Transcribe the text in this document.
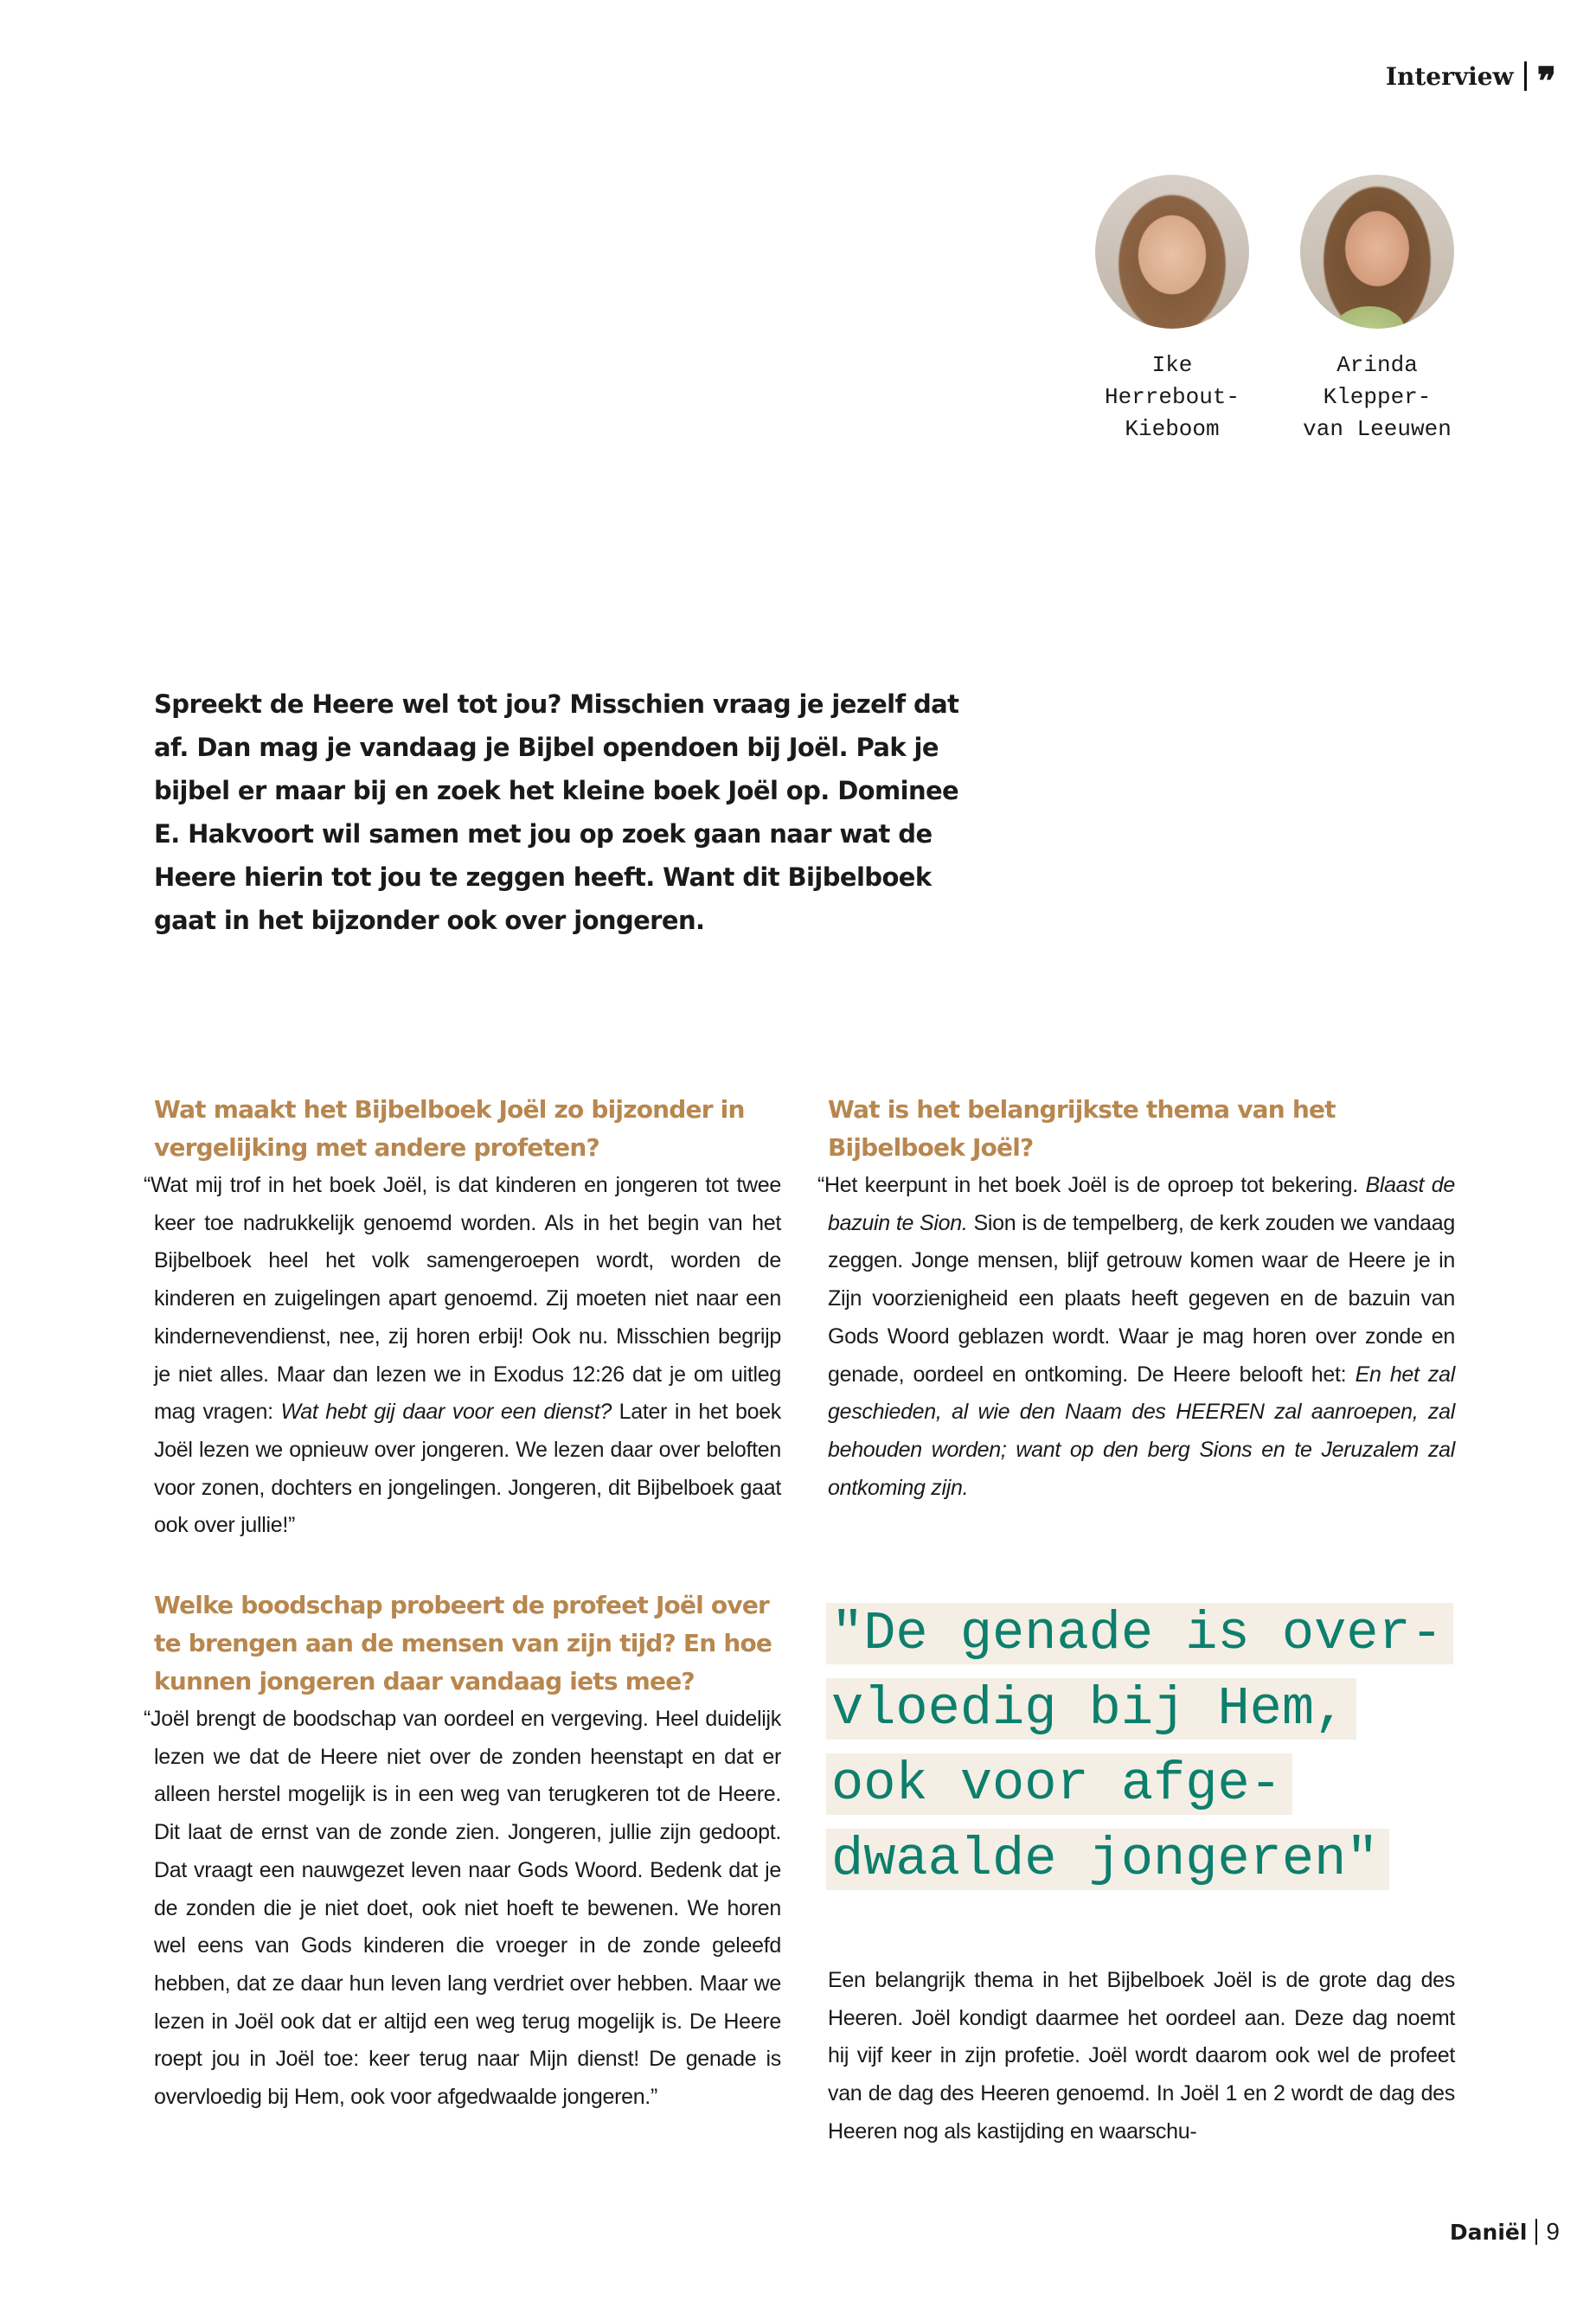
Interview ❜❜
Ike
Herrebout-
Kieboom
Arinda
Klepper-
van Leeuwen

Spreekt de Heere wel tot jou? Misschien vraag je jezelf dat af. Dan mag je vandaag je Bijbel opendoen bij Joël. Pak je bijbel er maar bij en zoek het kleine boek Joël op. Dominee E. Hakvoort wil samen met jou op zoek gaan naar wat de Heere hierin tot jou te zeggen heeft. Want dit Bijbelboek gaat in het bijzonder ook over jongeren.

Wat maakt het Bijbelboek Joël zo bijzonder in vergelijking met andere profeten?

“Wat mij trof in het boek Joël, is dat kinderen en jongeren tot twee keer toe nadrukkelijk genoemd worden. Als in het begin van het Bijbelboek heel het volk samengeroepen wordt, worden de kinderen en zuigelingen apart genoemd. Zij moeten niet naar een kindernevendienst, nee, zij horen erbij! Ook nu. Misschien begrijp je niet alles. Maar dan lezen we in Exodus 12:26 dat je om uitleg mag vragen: Wat hebt gij daar voor een dienst? Later in het boek Joël lezen we opnieuw over jongeren. We lezen daar over beloften voor zonen, dochters en jongelingen. Jongeren, dit Bijbelboek gaat ook over jullie!”

Welke boodschap probeert de profeet Joël over te brengen aan de mensen van zijn tijd? En hoe kunnen jongeren daar vandaag iets mee?

“Joël brengt de boodschap van oordeel en vergeving. Heel duidelijk lezen we dat de Heere niet over de zonden heenstapt en dat er alleen herstel mogelijk is in een weg van terugkeren tot de Heere. Dit laat de ernst van de zonde zien. Jongeren, jullie zijn gedoopt. Dat vraagt een nauwgezet leven naar Gods Woord. Bedenk dat je de zonden die je niet doet, ook niet hoeft te bewenen. We horen wel eens van Gods kinderen die vroeger in de zonde geleefd hebben, dat ze daar hun leven lang verdriet over hebben. Maar we lezen in Joël ook dat er altijd een weg terug mogelijk is. De Heere roept jou in Joël toe: keer terug naar Mijn dienst! De genade is overvloedig bij Hem, ook voor afgedwaalde jongeren.”

Wat is het belangrijkste thema van het Bijbelboek Joël?

“Het keerpunt in het boek Joël is de oproep tot bekering. Blaast de bazuin te Sion. Sion is de tempelberg, de kerk zouden we vandaag zeggen. Jonge mensen, blijf getrouw komen waar de Heere je in Zijn voorzienigheid een plaats heeft gegeven en de bazuin van Gods Woord geblazen wordt. Waar je mag horen over zonde en genade, oordeel en ontkoming. De Heere belooft het: En het zal geschieden, al wie den Naam des HEEREN zal aanroepen, zal behouden worden; want op den berg Sions en te Jeruzalem zal ontkoming zijn.

"De genade is over-
vloedig bij Hem,
ook voor afge-
dwaalde jongeren"

Een belangrijk thema in het Bijbelboek Joël is de grote dag des Heeren. Joël kondigt daarmee het oordeel aan. Deze dag noemt hij vijf keer in zijn profetie. Joël wordt daarom ook wel de profeet van de dag des Heeren genoemd. In Joël 1 en 2 wordt de dag des Heeren nog als kastijding en waarschu-

Daniël 9
